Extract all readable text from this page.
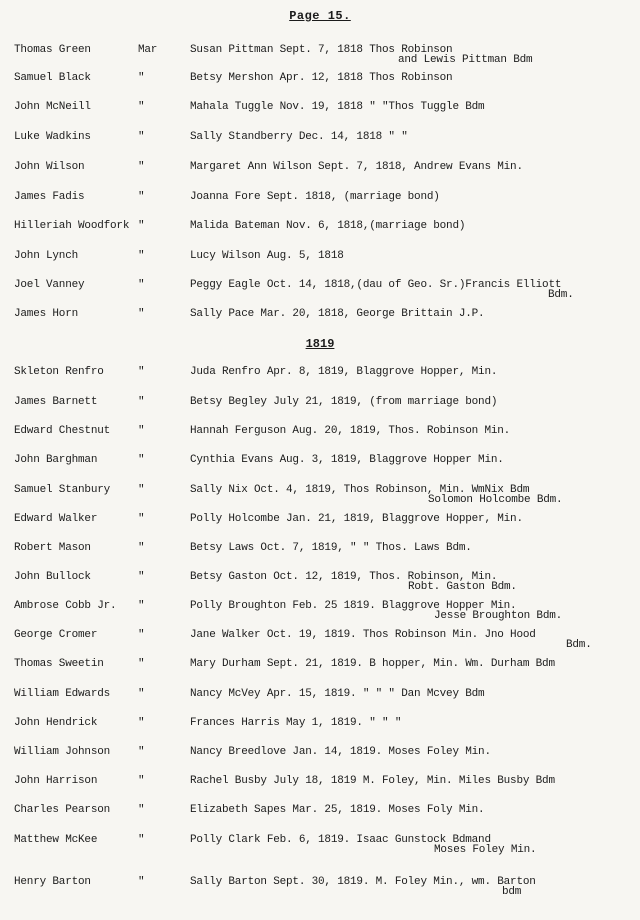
Page 15.
1819
Thomas Green	Mar	Susan Pittman Sept. 7, 1818 Thos Robinson
and Lewis Pittman Bdm
Samuel Black	"	Betsy Mershon Apr. 12, 1818 Thos Robinson
John McNeill	"	Mahala Tuggle Nov. 19, 1818 " "Thos Tuggle Bdm
Luke Wadkins	"	Sally Standberry Dec. 14, 1818 " "
John Wilson	"	Margaret Ann Wilson Sept. 7, 1818, Andrew Evans Min.
James Fadis	"	Joanna Fore Sept. 1818, (marriage bond)
Hilleriah Woodfork "	Malida Bateman Nov. 6, 1818,(marriage bond)
John Lynch	"	Lucy Wilson Aug. 5, 1818
Joel Vanney	"	Peggy Eagle Oct. 14, 1818,(dau of Geo. Sr.)Francis Elliott
Bdm.
James Horn	"	Sally Pace Mar. 20, 1818, George Brittain J.P.
Skleton Renfro	"	Juda Renfro Apr. 8, 1819, Blaggrove Hopper, Min.
James Barnett	"	Betsy Begley July 21, 1819, (from marriage bond)
Edward Chestnut	"	Hannah Ferguson Aug. 20, 1819, Thos. Robinson Min.
John Barghman	"	Cynthia Evans Aug. 3, 1819, Blaggrove Hopper Min.
Samuel Stanbury	"	Sally Nix Oct. 4, 1819, Thos Robinson, Min. WmNix Bdm
Solomon Holcombe Bdm.
Edward Walker	"	Polly Holcombe Jan. 21, 1819, Blaggrove Hopper, Min.
Robert Mason	"	Betsy Laws Oct. 7, 1819, " " Thos. Laws Bdm.
John Bullock	"	Betsy Gaston Oct. 12, 1819, Thos. Robinson, Min.
Robt. Gaston Bdm.
Ambrose Cobb Jr. "	Polly Broughton Feb. 25 1819. Blaggrove Hopper Min.
Jesse Broughton Bdm.
George Cromer	"	Jane Walker Oct. 19, 1819. Thos Robinson Min. Jno Hood
Bdm.
Thomas Sweetin	"	Mary Durham Sept. 21, 1819. B hopper, Min. Wm. Durham Bdm
William Edwards	"	Nancy McVey Apr. 15, 1819. " " " Dan Mcvey Bdm
John Hendrick	"	Frances Harris May 1, 1819. " " "
William Johnson	"	Nancy Breedlove Jan. 14, 1819. Moses Foley Min.
John Harrison	"	Rachel Busby July 18, 1819 M. Foley, Min. Miles Busby Bdm
Charles Pearson	"	Elizabeth Sapes Mar. 25, 1819. Moses Foly Min.
Matthew McKee	"	Polly Clark Feb. 6, 1819. Isaac Gunstock Bdmand
Moses Foley Min.
Henry Barton	"	Sally Barton Sept. 30, 1819. M. Foley Min., wm. Barton
bdm
